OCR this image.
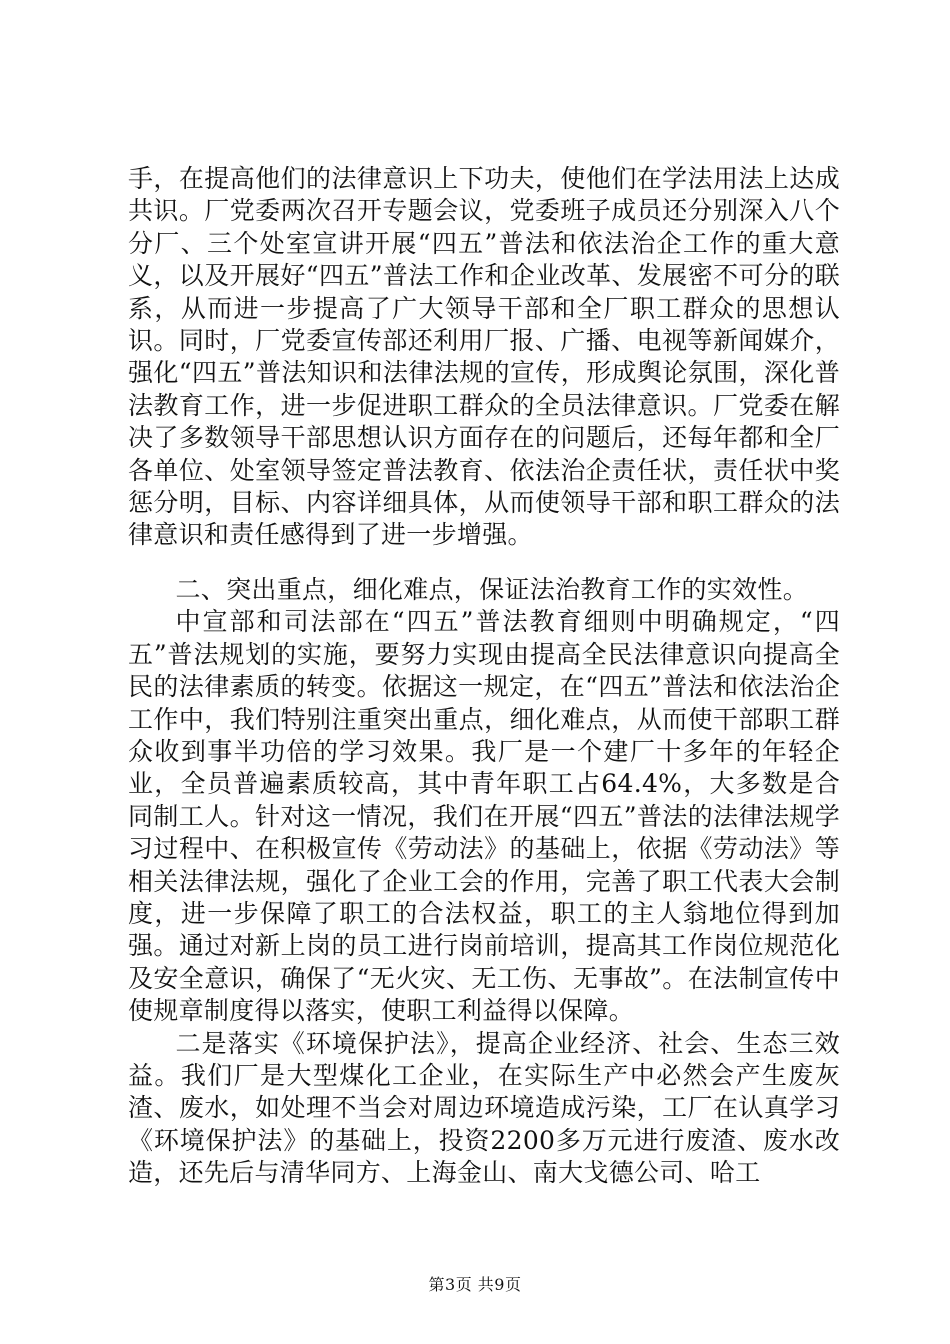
手，在提高他们的法律意识上下功夫，使他们在学法用法上达成共识。厂党委两次召开专题会议，党委班子成员还分别深入八个分厂、三个处室宣讲开展“四五”普法和依法治企工作的重大意义，以及开展好“四五”普法工作和企业改革、发展密不可分的联系，从而进一步提高了广大领导干部和全厂职工群众的思想认识。同时，厂党委宣传部还利用厂报、广播、电视等新闻媒介，强化“四五”普法知识和法律法规的宣传，形成舆论氛围，深化普法教育工作，进一步促进职工群众的全员法律意识。厂党委在解决了多数领导干部思想认识方面存在的问题后，还每年都和全厂各单位、处室领导签定普法教育、依法治企责任状，责任状中奖惩分明，目标、内容详细具体，从而使领导干部和职工群众的法律意识和责任感得到了进一步增强。

二、突出重点，细化难点，保证法治教育工作的实效性。

中宣部和司法部在“四五”普法教育细则中明确规定，“四五”普法规划的实施，要努力实现由提高全民法律意识向提高全民的法律素质的转变。依据这一规定，在“四五”普法和依法治企工作中，我们特别注重突出重点，细化难点，从而使干部职工群众收到事半功倍的学习效果。我厂是一个建厂十多年的年轻企业，全员普遍素质较高，其中青年职工占64.4%，大多数是合同制工人。针对这一情况，我们在开展“四五”普法的法律法规学习过程中、在积极宣传《劳动法》的基础上，依据《劳动法》等相关法律法规，强化了企业工会的作用，完善了职工代表大会制度，进一步保障了职工的合法权益，职工的主人翁地位得到加强。通过对新上岗的员工进行岗前培训，提高其工作岗位规范化及安全意识，确保了“无火灾、无工伤、无事故”。在法制宣传中使规章制度得以落实，使职工利益得以保障。

二是落实《环境保护法》，提高企业经济、社会、生态三效益。我们厂是大型煤化工企业，在实际生产中必然会产生废灰渣、废水，如处理不当会对周边环境造成污染，工厂在认真学习《环境保护法》的基础上，投资2200多万元进行废渣、废水改造，还先后与清华同方、上海金山、南大戈德公司、哈工

第3页 共9页
